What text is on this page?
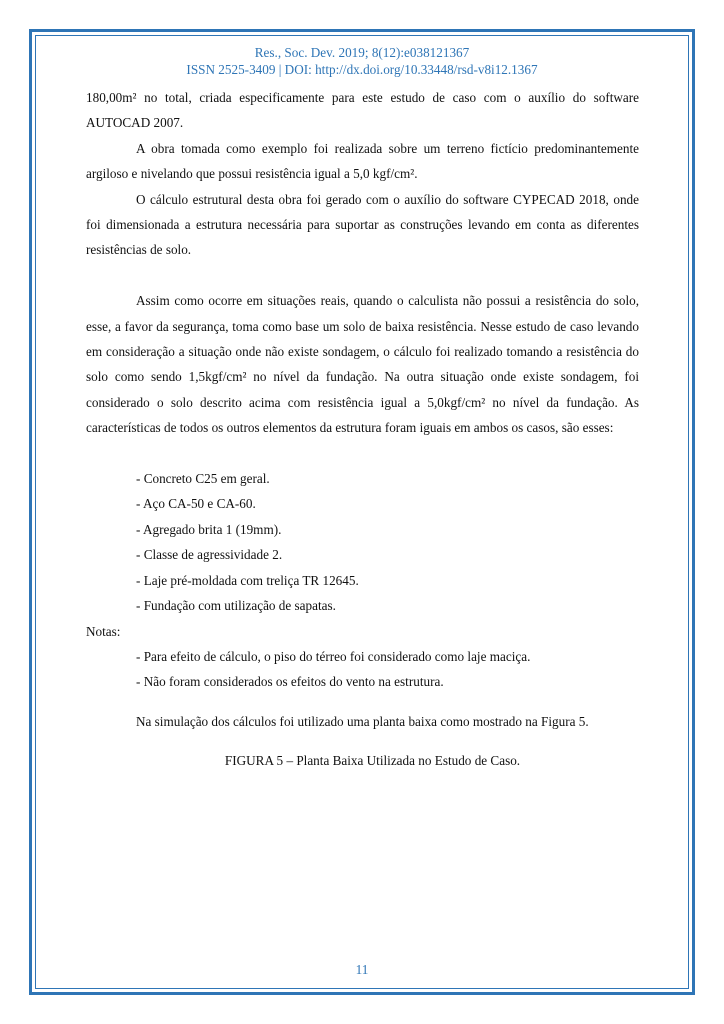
Res., Soc. Dev. 2019; 8(12):e038121367
ISSN 2525-3409 | DOI: http://dx.doi.org/10.33448/rsd-v8i12.1367

180,00m² no total, criada especificamente para este estudo de caso com o auxílio do software AUTOCAD 2007.

A obra tomada como exemplo foi realizada sobre um terreno fictício predominantemente argiloso e nivelando que possui resistência igual a 5,0 kgf/cm².

O cálculo estrutural desta obra foi gerado com o auxílio do software CYPECAD 2018, onde foi dimensionada a estrutura necessária para suportar as construções levando em conta as diferentes resistências de solo.

Assim como ocorre em situações reais, quando o calculista não possui a resistência do solo, esse, a favor da segurança, toma como base um solo de baixa resistência. Nesse estudo de caso levando em consideração a situação onde não existe sondagem, o cálculo foi realizado tomando a resistência do solo como sendo 1,5kgf/cm² no nível da fundação. Na outra situação onde existe sondagem, foi considerado o solo descrito acima com resistência igual a 5,0kgf/cm² no nível da fundação. As características de todos os outros elementos da estrutura foram iguais em ambos os casos, são esses:

- Concreto C25 em geral.

- Aço CA-50 e CA-60.

- Agregado brita 1 (19mm).

- Classe de agressividade 2.

- Laje pré-moldada com treliça TR 12645.

- Fundação com utilização de sapatas.

Notas:

- Para efeito de cálculo, o piso do térreo foi considerado como laje maciça.

- Não foram considerados os efeitos do vento na estrutura.

Na simulação dos cálculos foi utilizado uma planta baixa como mostrado na Figura 5.

FIGURA 5 – Planta Baixa Utilizada no Estudo de Caso.

11
